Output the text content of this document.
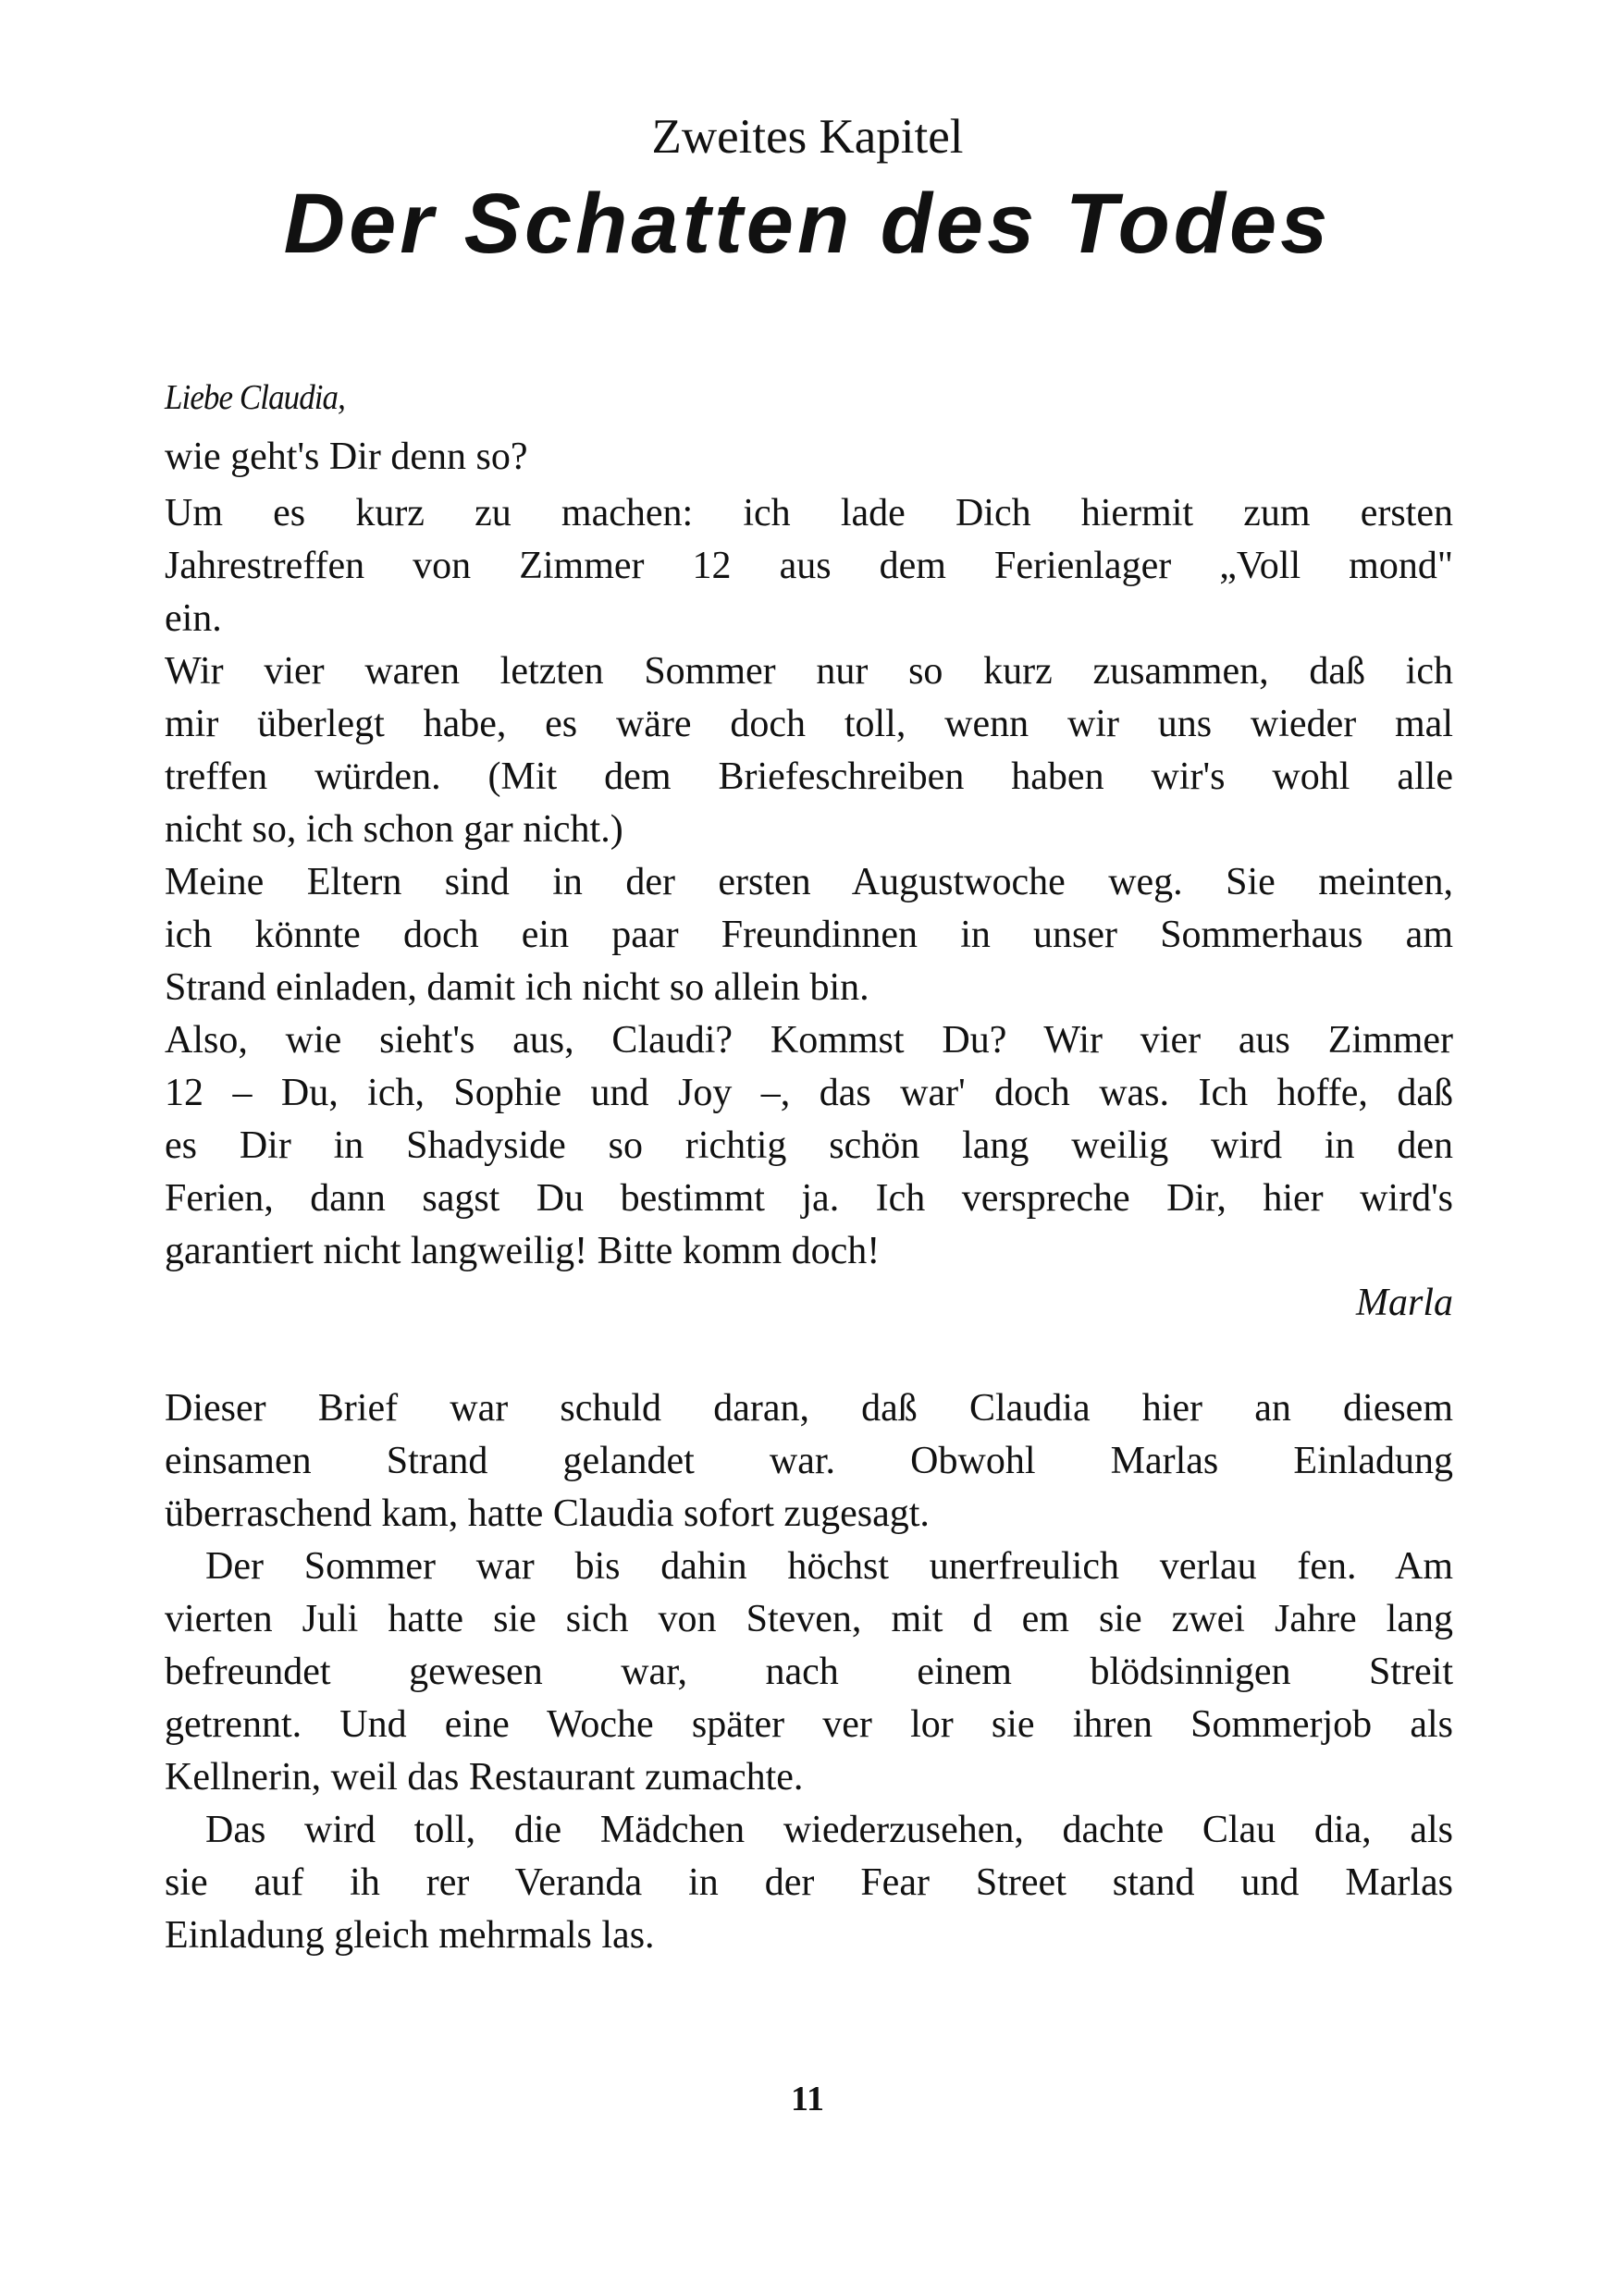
Zweites Kapitel
Der Schatten des Todes
Liebe Claudia,
wie geht's Dir denn so?
Um es kurz zu machen: ich lade Dich hiermit zum ersten
Jahrestreffen von Zimmer 12 aus dem Ferienlager „Voll mond"
ein.
Wir vier waren letzten Sommer nur so kurz zusammen, daß ich
mir überlegt habe, es wäre doch toll, wenn wir uns wieder mal
treffen würden. (Mit dem Briefeschreiben haben wir's wohl alle
nicht so, ich schon gar nicht.)
Meine Eltern sind in der ersten Augustwoche weg. Sie meinten,
ich könnte doch ein paar Freundinnen in unser Sommerhaus am
Strand einladen, damit ich nicht so allein bin.
Also, wie sieht's aus, Claudi? Kommst Du? Wir vier aus Zimmer
12 – Du, ich, Sophie und Joy –, das war' doch was. Ich hoffe, daß
es Dir in Shadyside so richtig schön lang weilig wird in den
Ferien, dann sagst Du bestimmt ja. Ich verspreche Dir, hier wird's
garantiert nicht langweilig! Bitte komm doch!
Marla
Dieser Brief war schuld daran, daß Claudia hier an diesem
einsamen Strand gelandet war. Obwohl Marlas Einladung
überraschend kam, hatte Claudia sofort zugesagt.
Der Sommer war bis dahin höchst unerfreulich verlau fen. Am
vierten Juli hatte sie sich von Steven, mit d em sie zwei Jahre lang
befreundet gewesen war, nach einem blödsinnigen Streit
getrennt. Und eine Woche später ver lor sie ihren Sommerjob als
Kellnerin, weil das Restaurant zumachte.
Das wird toll, die Mädchen wiederzusehen, dachte Clau dia, als
sie auf ih rer Veranda in der Fear Street stand und Marlas
Einladung gleich mehrmals las.
11
